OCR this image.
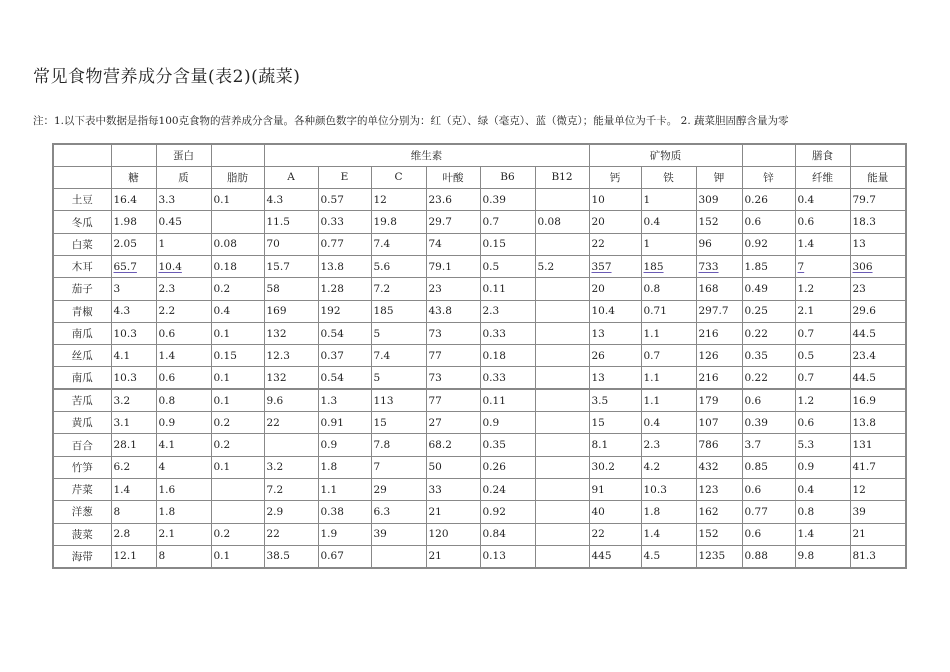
常见食物营养成分含量(表2)(蔬菜)
注：1.以下表中数据是指每100克食物的营养成分含量。各种颜色数字的单位分别为：红（克）、绿（毫克）、蓝（微克）；能量单位为千卡。 2. 蔬菜胆固醇含量为零
		蛋白		维生素						矿物质				膳食	
	糖	质	脂肪	A	E	C	叶酸	B6	B12	钙	铁	钾	锌	纤维	能量
土豆	16.4	3.3	0.1	4.3	0.57	12	23.6	0.39		10	1	309	0.26	0.4	79.7
冬瓜	1.98	0.45		11.5	0.33	19.8	29.7	0.7	0.08	20	0.4	152	0.6	0.6	18.3
白菜	2.05	1	0.08	70	0.77	7.4	74	0.15		22	1	96	0.92	1.4	13
木耳	65.7	10.4	0.18	15.7	13.8	5.6	79.1	0.5	5.2	357	185	733	1.85	7	306
茄子	3	2.3	0.2	58	1.28	7.2	23	0.11		20	0.8	168	0.49	1.2	23
青椒	4.3	2.2	0.4	169	192	185	43.8	2.3		10.4	0.71	297.7	0.25	2.1	29.6
南瓜	10.3	0.6	0.1	132	0.54	5	73	0.33		13	1.1	216	0.22	0.7	44.5
丝瓜	4.1	1.4	0.15	12.3	0.37	7.4	77	0.18		26	0.7	126	0.35	0.5	23.4
南瓜	10.3	0.6	0.1	132	0.54	5	73	0.33		13	1.1	216	0.22	0.7	44.5
苦瓜	3.2	0.8	0.1	9.6	1.3	113	77	0.11		3.5	1.1	179	0.6	1.2	16.9
黄瓜	3.1	0.9	0.2	22	0.91	15	27	0.9		15	0.4	107	0.39	0.6	13.8
百合	28.1	4.1	0.2		0.9	7.8	68.2	0.35		8.1	2.3	786	3.7	5.3	131
竹笋	6.2	4	0.1	3.2	1.8	7	50	0.26		30.2	4.2	432	0.85	0.9	41.7
芹菜	1.4	1.6		7.2	1.1	29	33	0.24		91	10.3	123	0.6	0.4	12
洋葱	8	1.8		2.9	0.38	6.3	21	0.92		40	1.8	162	0.77	0.8	39
菠菜	2.8	2.1	0.2	22	1.9	39	120	0.84		22	1.4	152	0.6	1.4	21
海带	12.1	8	0.1	38.5	0.67		21	0.13		445	4.5	1235	0.88	9.8	81.3
